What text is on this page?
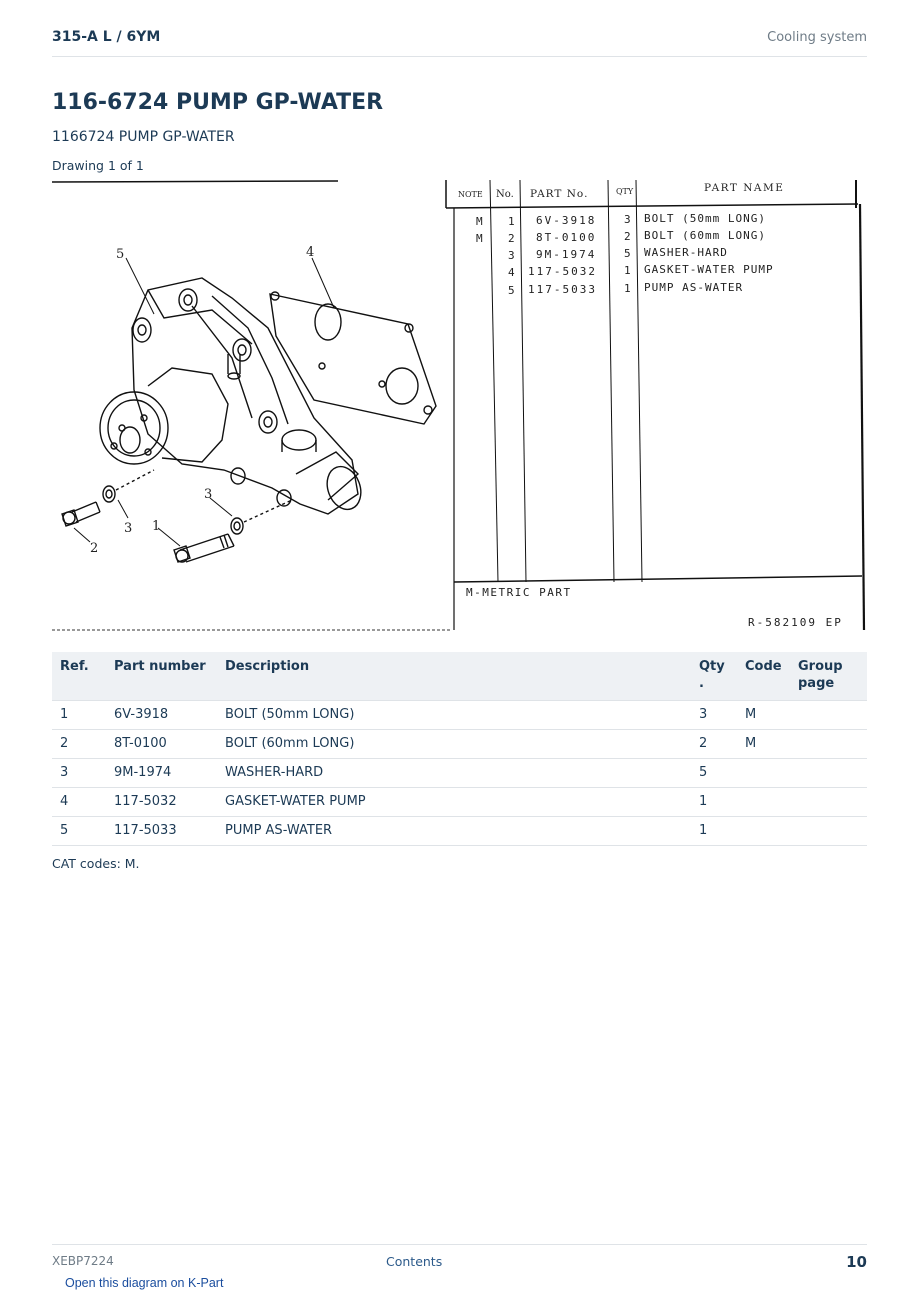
315-A L / 6YM	Cooling system
116-6724 PUMP GP-WATER
1166724 PUMP GP-WATER
Drawing 1 of 1
5	4
3 1
3
2
NOTE No. PART No.	QTY	PART NAME
M 1 6V-3918	3 BOLT (50mm LONG)
M 2 8T-0100	2 BOLT (60mm LONG)
3 9M-1974	5 WASHER-HARD
4 117-5032 1 GASKET-WATER PUMP
5 117-5033 1 PUMP AS-WATER
M-METRIC PART
R-582109 EP
Ref.	Part number	Description	Qty .	Code	Group page
1	6V-3918	BOLT (50mm LONG)	3	M	
2	8T-0100	BOLT (60mm LONG)	2	M	
3	9M-1974	WASHER-HARD	5		
4	117-5032	GASKET-WATER PUMP	1		
5	117-5033	PUMP AS-WATER	1		
CAT codes: M.
XEBP7224	Contents	10
Open this diagram on K-Part
